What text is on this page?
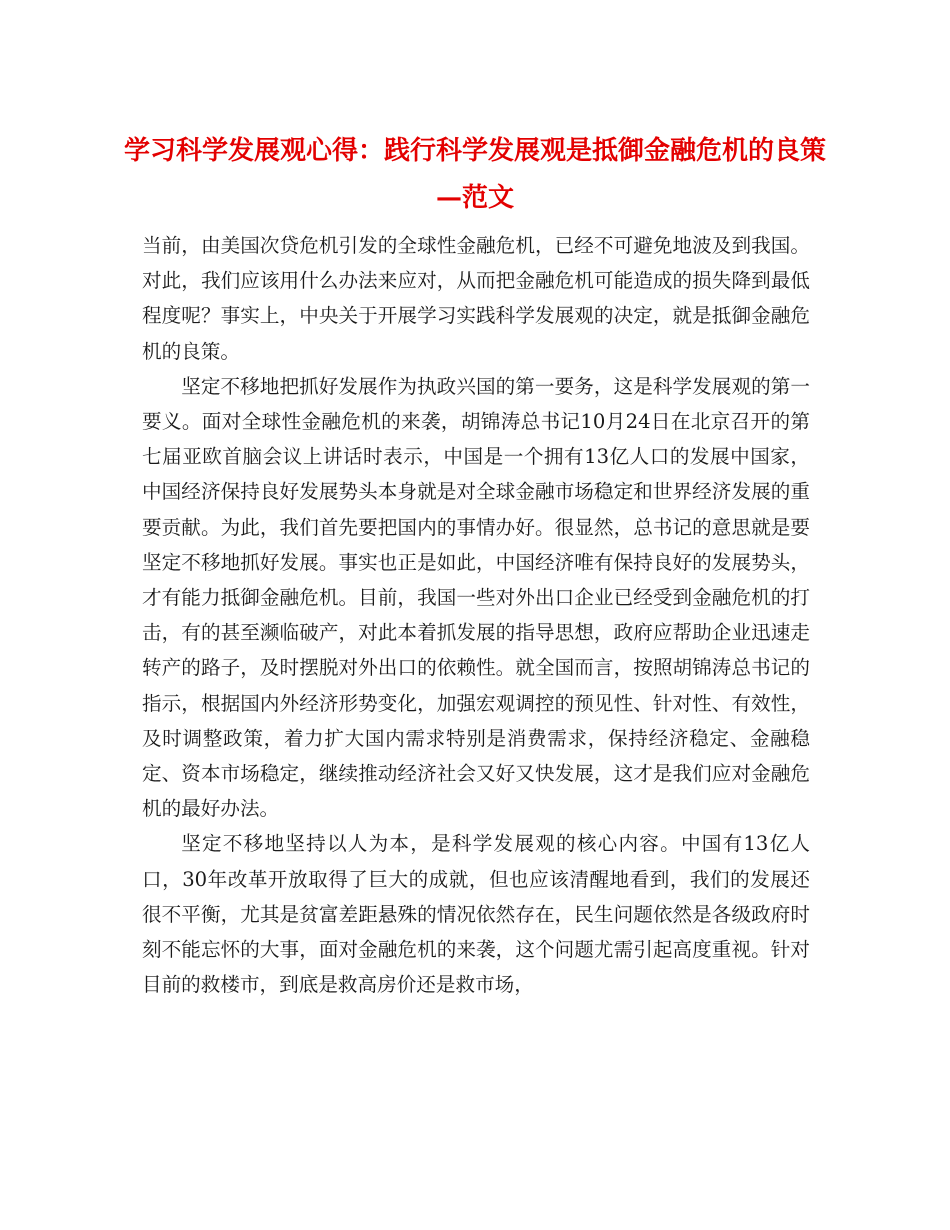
学习科学发展观心得：践行科学发展观是抵御金融危机的良策—范文

当前，由美国次贷危机引发的全球性金融危机，已经不可避免地波及到我国。对此，我们应该用什么办法来应对，从而把金融危机可能造成的损失降到最低程度呢？事实上，中央关于开展学习实践科学发展观的决定，就是抵御金融危机的良策。

坚定不移地把抓好发展作为执政兴国的第一要务，这是科学发展观的第一要义。面对全球性金融危机的来袭，胡锦涛总书记10月24日在北京召开的第七届亚欧首脑会议上讲话时表示，中国是一个拥有13亿人口的发展中国家，中国经济保持良好发展势头本身就是对全球金融市场稳定和世界经济发展的重要贡献。为此，我们首先要把国内的事情办好。很显然，总书记的意思就是要坚定不移地抓好发展。事实也正是如此，中国经济唯有保持良好的发展势头，才有能力抵御金融危机。目前，我国一些对外出口企业已经受到金融危机的打击，有的甚至濒临破产，对此本着抓发展的指导思想，政府应帮助企业迅速走转产的路子，及时摆脱对外出口的依赖性。就全国而言，按照胡锦涛总书记的指示，根据国内外经济形势变化，加强宏观调控的预见性、针对性、有效性，及时调整政策，着力扩大国内需求特别是消费需求，保持经济稳定、金融稳定、资本市场稳定，继续推动经济社会又好又快发展，这才是我们应对金融危机的最好办法。

坚定不移地坚持以人为本，是科学发展观的核心内容。中国有13亿人口，30年改革开放取得了巨大的成就，但也应该清醒地看到，我们的发展还很不平衡，尤其是贫富差距悬殊的情况依然存在，民生问题依然是各级政府时刻不能忘怀的大事，面对金融危机的来袭，这个问题尤需引起高度重视。针对目前的救楼市，到底是救高房价还是救市场，
